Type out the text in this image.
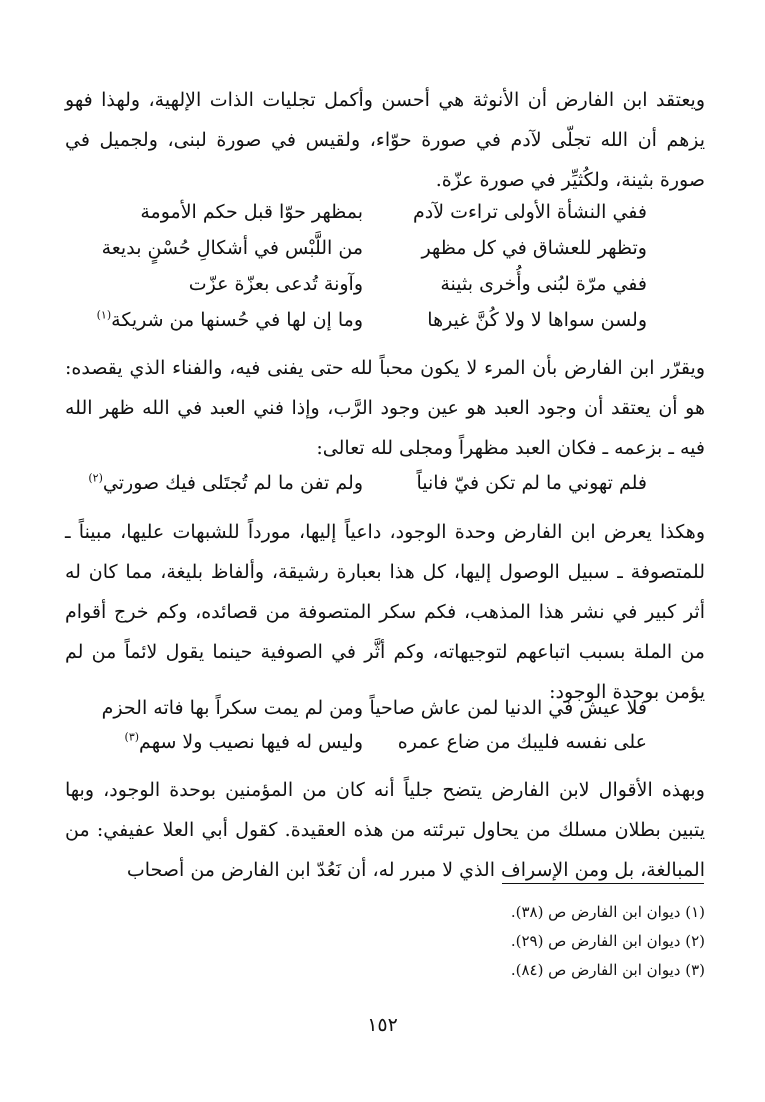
ويعتقد ابن الفارض أن الأنوثة هي أحسن وأكمل تجليات الذات الإلهية، ولهذا فهو يزهم أن الله تجلّى لآدم في صورة حوّاء، ولقيس في صورة لبنى، ولجميل في صورة بثينة، ولكُثيِّر في صورة عزّة.

ففي النشأة الأولى تراءت لآدم
بمظهر حوّا قبل حكم الأمومة
وتظهر للعشاق في كل مظهر
من اللَّبْس في أشكالِ حُسْنٍ بديعة
ففي مرّة لبُنى وأُخرى بثينة
وآونة تُدعى بعزّة عزّت
ولسن سواها لا ولا كُنَّ غيرها
وما إن لها في حُسنها من شريكة$^{(١)}$

ويقرّر ابن الفارض بأن المرء لا يكون محباً لله حتى يفنى فيه، والفناء الذي يقصده: هو أن يعتقد أن وجود العبد هو عين وجود الرَّب، وإذا فني العبد في الله ظهر الله فيه ـ بزعمه ـ فكان العبد مظهراً ومجلى لله تعالى:

فلم تهوني ما لم تكن فيّ فانياً
ولم تفن ما لم تُجتَلى فيك صورتي$^{(٢)}$

وهكذا يعرض ابن الفارض وحدة الوجود، داعياً إليها، مورداً للشبهات عليها، مبيناً ـ للمتصوفة ـ سبيل الوصول إليها، كل هذا بعبارة رشيقة، وألفاظ بليغة، مما كان له أثر كبير في نشر هذا المذهب، فكم سكر المتصوفة من قصائده، وكم خرج أقوام من الملة بسبب اتباعهم لتوجيهاته، وكم أثَّر في الصوفية حينما يقول لائماً من لم يؤمن بوحدة الوجود:

فلا عيش في الدنيا لمن عاش صاحياً
ومن لم يمت سكراً بها فاته الحزم
على نفسه فليبك من ضاع عمره
وليس له فيها نصيب ولا سهم$^{(٣)}$

وبهذه الأقوال لابن الفارض يتضح جلياً أنه كان من المؤمنين بوحدة الوجود، وبها يتبين بطلان مسلك من يحاول تبرئته من هذه العقيدة. كقول أبي العلا عفيفي: من المبالغة، بل ومن الإسراف الذي لا مبرر له، أن نَعُدّ ابن الفارض من أصحاب

(١) ديوان ابن الفارض ص (٣٨).
(٢) ديوان ابن الفارض ص (٢٩).
(٣) ديوان ابن الفارض ص (٨٤).
١٥٢
